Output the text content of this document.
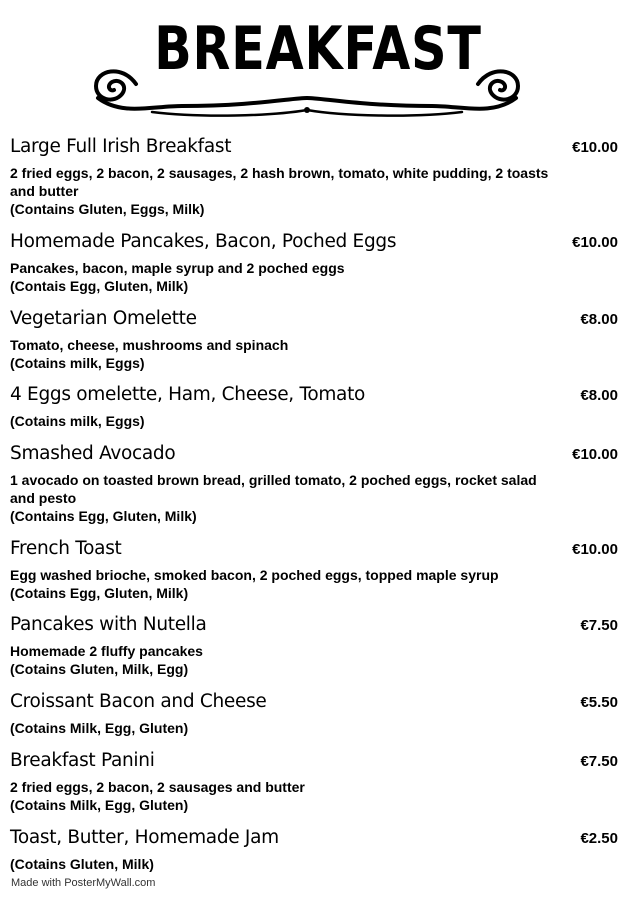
BREAKFAST
Large Full Irish Breakfast	€10.00
2 fried eggs, 2 bacon, 2 sausages, 2 hash brown, tomato, white pudding, 2 toasts and butter
(Contains Gluten, Eggs, Milk)
Homemade Pancakes, Bacon, Poched Eggs	€10.00
Pancakes, bacon, maple syrup and 2 poched eggs
(Contais Egg, Gluten, Milk)
Vegetarian Omelette	€8.00
Tomato, cheese, mushrooms and spinach
(Cotains milk, Eggs)
4 Eggs omelette, Ham, Cheese, Tomato	€8.00
(Cotains milk, Eggs)
Smashed Avocado	€10.00
1 avocado on toasted brown bread, grilled tomato, 2 poched eggs, rocket salad and pesto
(Contains Egg, Gluten, Milk)
French Toast	€10.00
Egg washed brioche, smoked bacon, 2 poched eggs, topped maple syrup
(Cotains Egg, Gluten, Milk)
Pancakes with Nutella	€7.50
Homemade 2 fluffy pancakes
(Cotains Gluten, Milk, Egg)
Croissant Bacon and Cheese	€5.50
(Cotains Milk, Egg, Gluten)
Breakfast Panini	€7.50
2 fried eggs, 2 bacon, 2 sausages and butter
(Cotains Milk, Egg, Gluten)
Toast, Butter, Homemade Jam	€2.50
(Cotains Gluten, Milk)
Made with PosterMyWall.com
